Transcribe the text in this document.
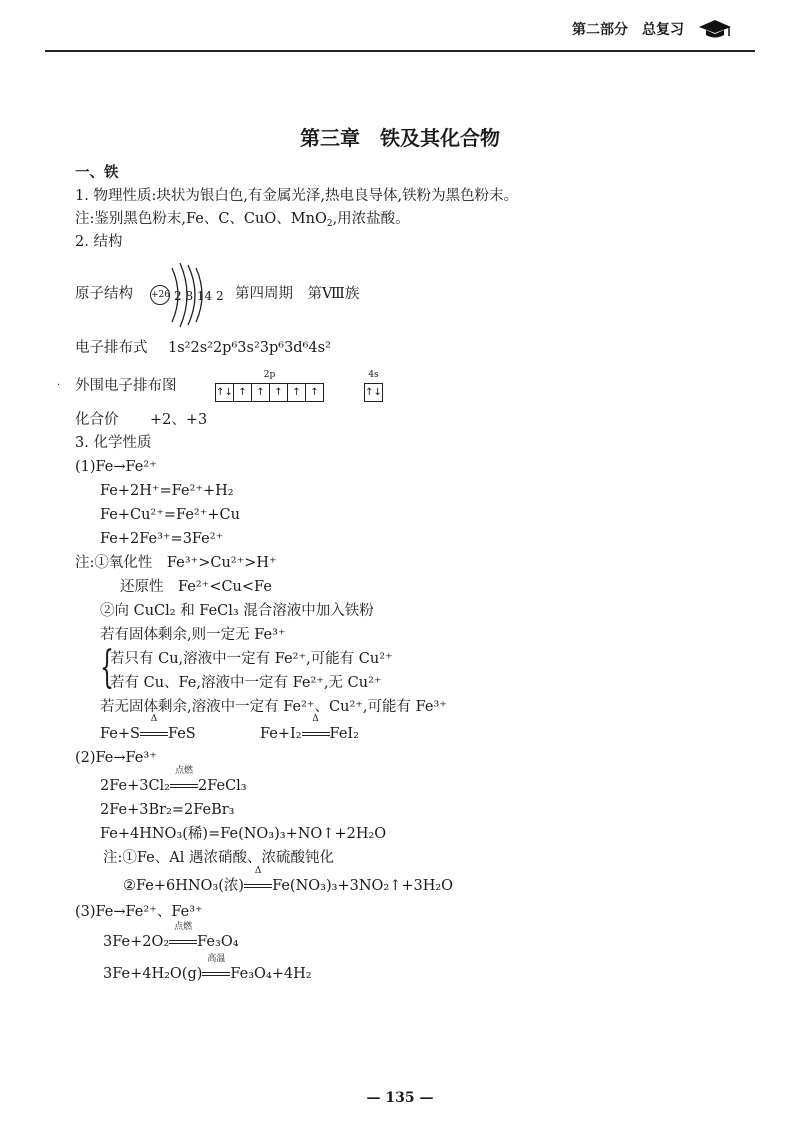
第二部分 总复习
第三章　铁及其化合物
一、铁
1. 物理性质:块状为银白色,有金属光泽,热电良导体,铁粉为黑色粉末。
注:鉴别黑色粉末,Fe、C、CuO、MnO$_2$,用浓盐酸。
2. 结构
原子结构 +26 2 8 14 2 第四周期　第Ⅷ族
电子排布式 1s²2s²2p⁶3s²3p⁶3d⁶4s²
· 外围电子排布图
2p
↑↓ ↑ ↑ ↑ ↑ ↑
4s
↑↓
化合价 +2、+3
3. 化学性质
(1)Fe→Fe²⁺
Fe+2H⁺=Fe²⁺+H₂
Fe+Cu²⁺=Fe²⁺+Cu
Fe+2Fe³⁺=3Fe²⁺
注:①氧化性　Fe³⁺>Cu²⁺>H⁺
还原性　Fe²⁺<Cu<Fe
②向 CuCl₂ 和 FeCl₃ 混合溶液中加入铁粉
若有固体剩余,则一定无 Fe³⁺
{
若只有 Cu,溶液中一定有 Fe²⁺,可能有 Cu²⁺
若有 Cu、Fe,溶液中一定有 Fe²⁺,无 Cu²⁺
若无固体剩余,溶液中一定有 Fe²⁺、Cu²⁺,可能有 Fe³⁺
Fe+S
Δ
FeS	Fe+I₂
Δ
FeI₂
(2)Fe→Fe³⁺
2Fe+3Cl₂
点燃
2FeCl₃
2Fe+3Br₂=2FeBr₃
Fe+4HNO₃(稀)=Fe(NO₃)₃+NO↑+2H₂O
注:①Fe、Al 遇浓硝酸、浓硫酸钝化
②Fe+6HNO₃(浓)
Δ
Fe(NO₃)₃+3NO₂↑+3H₂O
(3)Fe→Fe²⁺、Fe³⁺
3Fe+2O₂
点燃
Fe₃O₄
3Fe+4H₂O(g)
高温
Fe₃O₄+4H₂
— 135 —
